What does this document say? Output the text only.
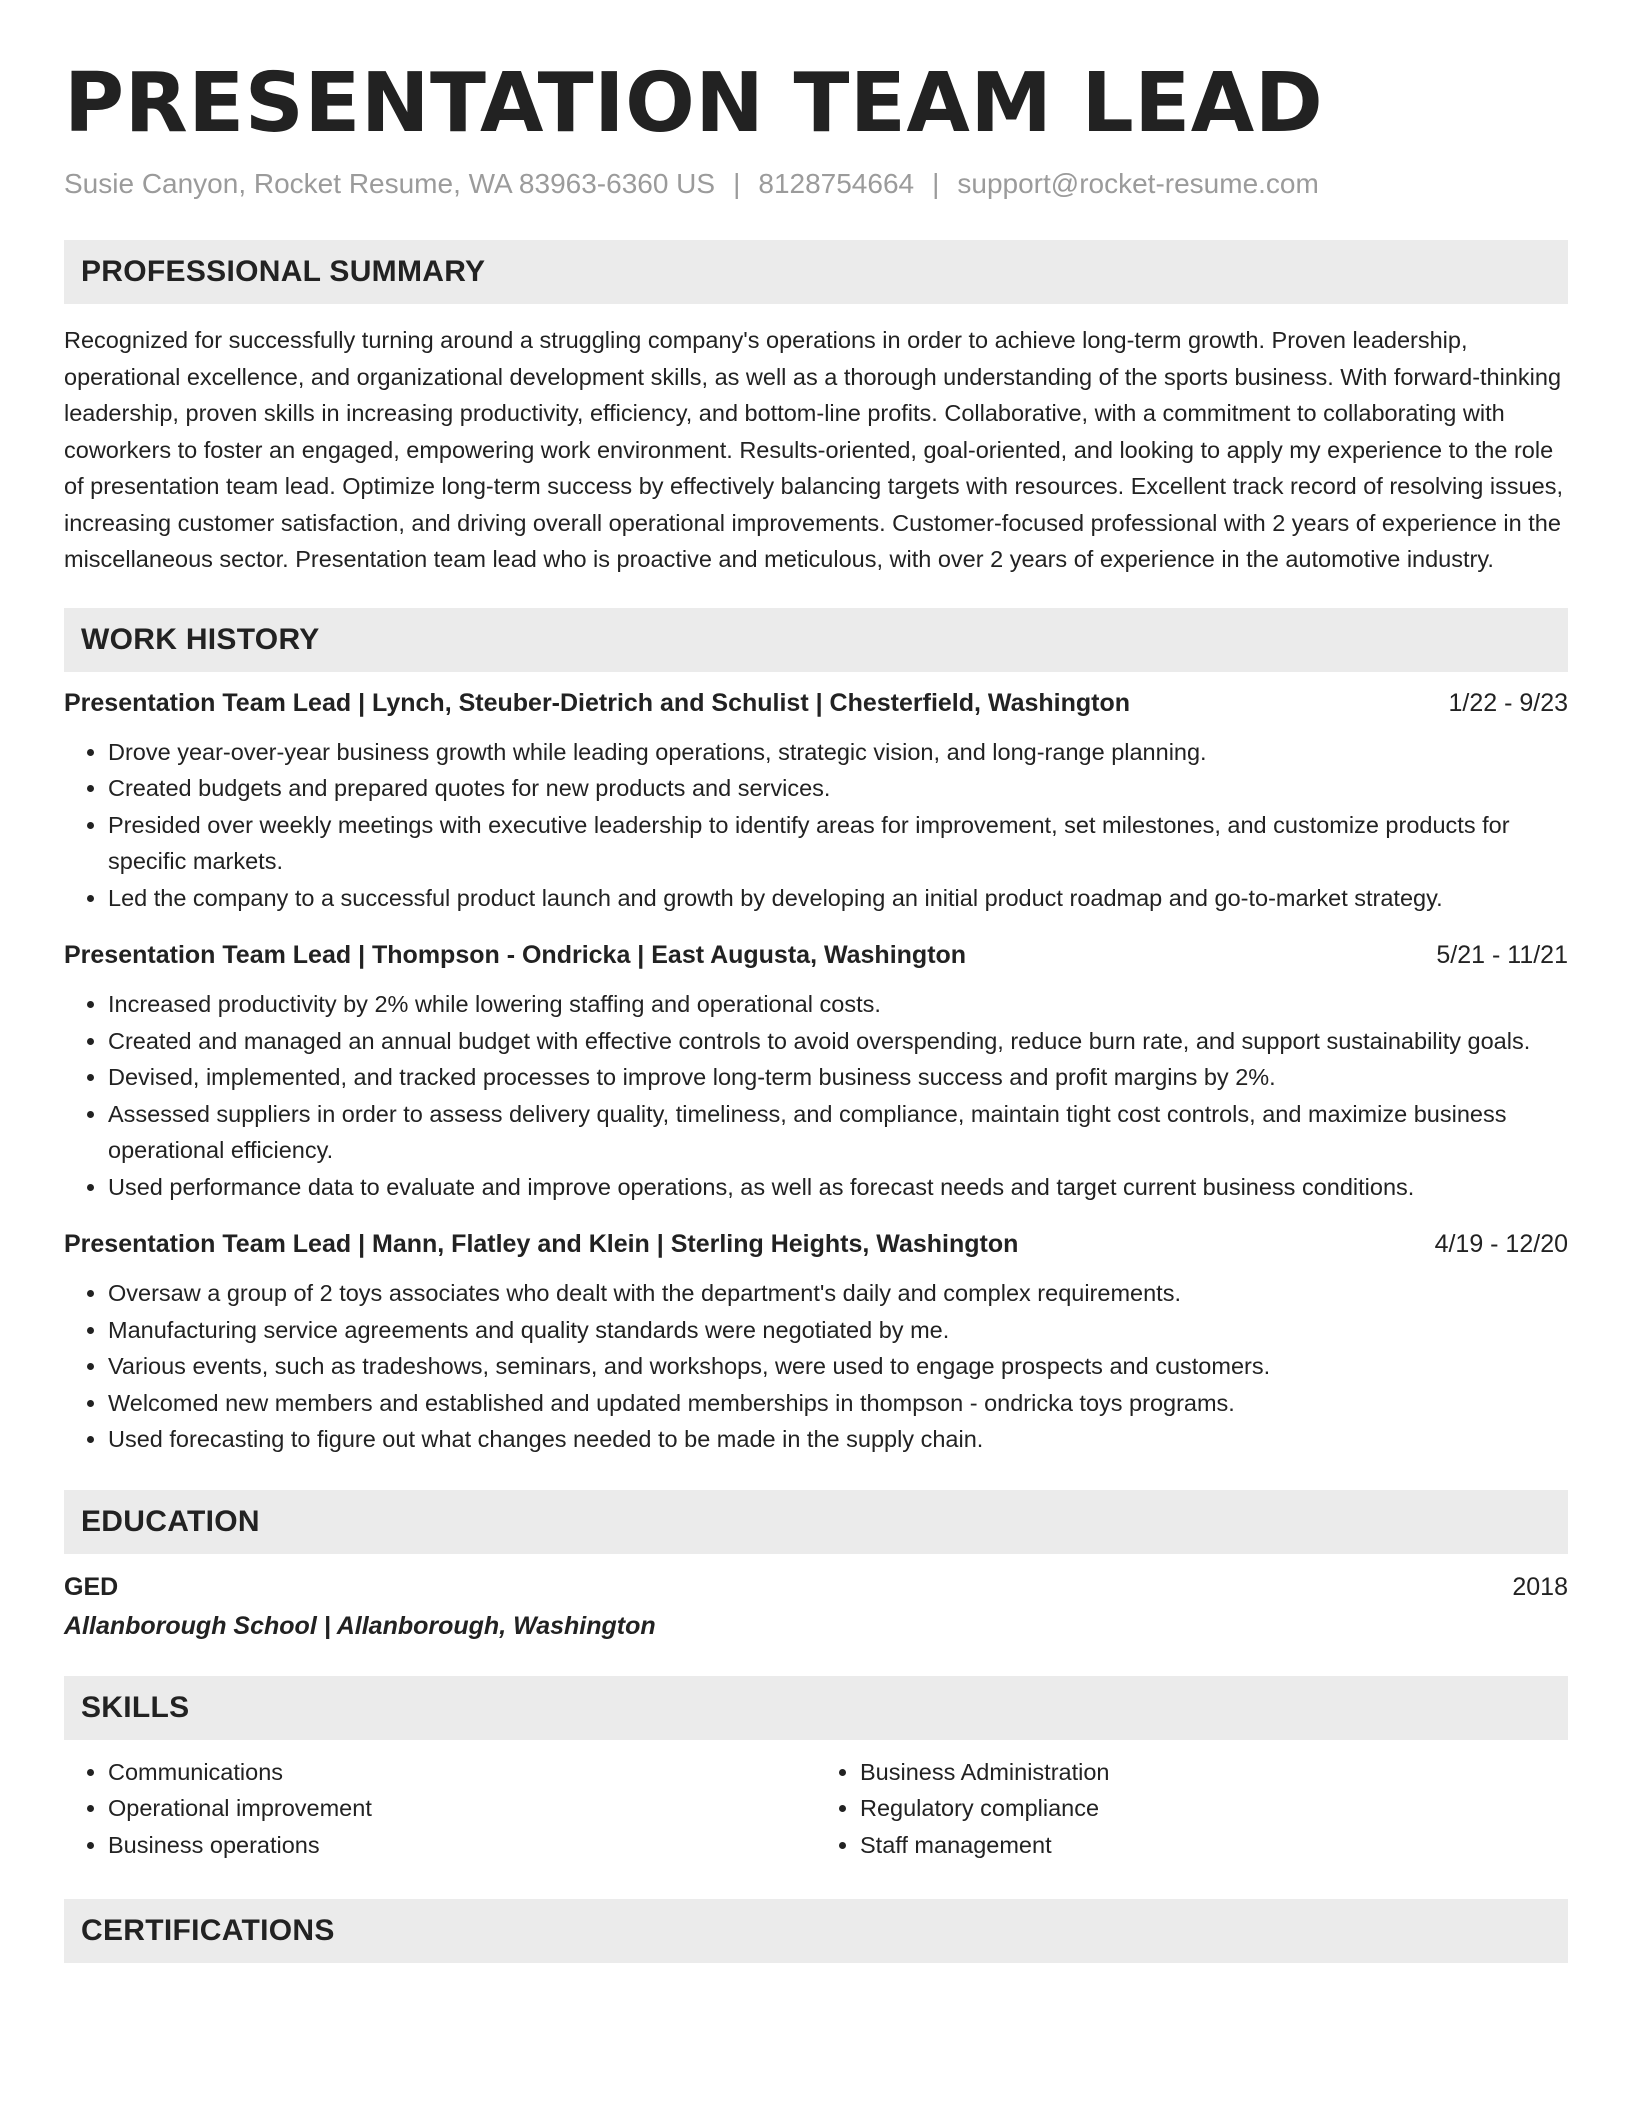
PRESENTATION TEAM LEAD
Susie Canyon, Rocket Resume, WA 83963-6360 US | 8128754664 | support@rocket-resume.com
PROFESSIONAL SUMMARY

Recognized for successfully turning around a struggling company's operations in order to achieve long-term growth. Proven leadership, operational excellence, and organizational development skills, as well as a thorough understanding of the sports business. With forward-thinking leadership, proven skills in increasing productivity, efficiency, and bottom-line profits. Collaborative, with a commitment to collaborating with coworkers to foster an engaged, empowering work environment. Results-oriented, goal-oriented, and looking to apply my experience to the role of presentation team lead. Optimize long-term success by effectively balancing targets with resources. Excellent track record of resolving issues, increasing customer satisfaction, and driving overall operational improvements. Customer-focused professional with 2 years of experience in the miscellaneous sector. Presentation team lead who is proactive and meticulous, with over 2 years of experience in the automotive industry.

WORK HISTORY
Presentation Team Lead | Lynch, Steuber-Dietrich and Schulist | Chesterfield, Washington	1/22 - 9/23
• Drove year-over-year business growth while leading operations, strategic vision, and long-range planning.
• Created budgets and prepared quotes for new products and services.
• Presided over weekly meetings with executive leadership to identify areas for improvement, set milestones, and customize products for specific markets.
• Led the company to a successful product launch and growth by developing an initial product roadmap and go-to-market strategy.
Presentation Team Lead | Thompson - Ondricka | East Augusta, Washington	5/21 - 11/21
• Increased productivity by 2% while lowering staffing and operational costs.
• Created and managed an annual budget with effective controls to avoid overspending, reduce burn rate, and support sustainability goals.
• Devised, implemented, and tracked processes to improve long-term business success and profit margins by 2%.
• Assessed suppliers in order to assess delivery quality, timeliness, and compliance, maintain tight cost controls, and maximize business operational efficiency.
• Used performance data to evaluate and improve operations, as well as forecast needs and target current business conditions.
Presentation Team Lead | Mann, Flatley and Klein | Sterling Heights, Washington	4/19 - 12/20
• Oversaw a group of 2 toys associates who dealt with the department's daily and complex requirements.
• Manufacturing service agreements and quality standards were negotiated by me.
• Various events, such as tradeshows, seminars, and workshops, were used to engage prospects and customers.
• Welcomed new members and established and updated memberships in thompson - ondricka toys programs.
• Used forecasting to figure out what changes needed to be made in the supply chain.
EDUCATION
GED	2018
Allanborough School | Allanborough, Washington
SKILLS
• Communications
• Operational improvement
• Business operations
• Business Administration
• Regulatory compliance
• Staff management
CERTIFICATIONS
